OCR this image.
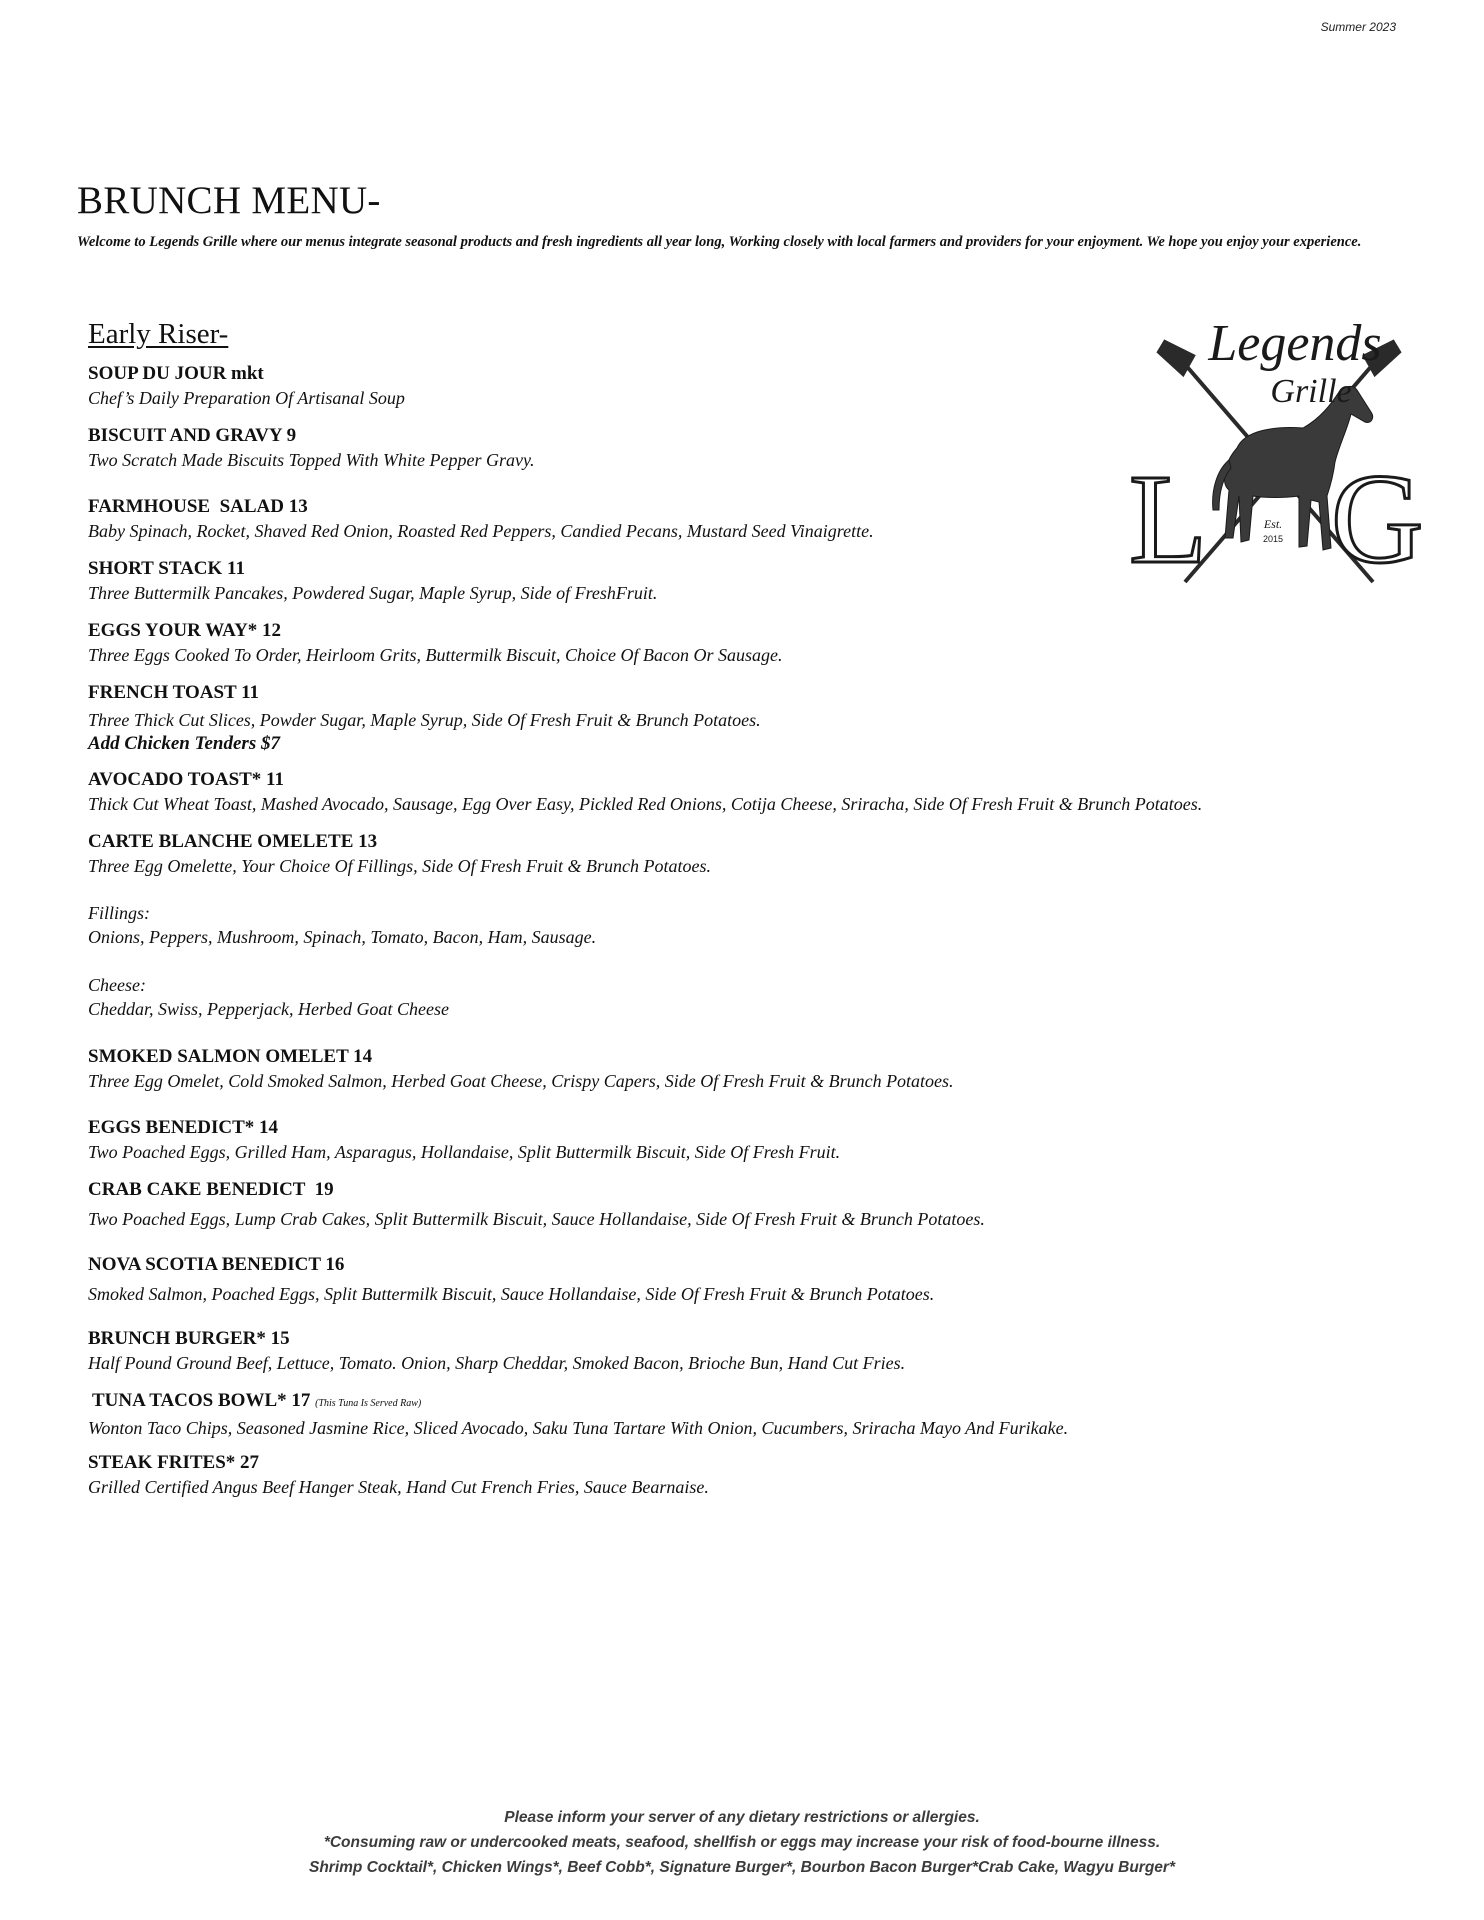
Summer 2023
BRUNCH MENU-

Welcome to Legends Grille where our menus integrate seasonal products and fresh ingredients all year long, Working closely with local farmers and providers for your enjoyment. We hope you enjoy your experience.

Early Riser-	Legends
Grille
L G
Est.
2015
SOUP DU JOUR mkt
Chef’s Daily Preparation Of Artisanal Soup
BISCUIT AND GRAVY 9
Two Scratch Made Biscuits Topped With White Pepper Gravy.
FARMHOUSE  SALAD 13
Baby Spinach, Rocket, Shaved Red Onion, Roasted Red Peppers, Candied Pecans, Mustard Seed Vinaigrette.
SHORT STACK 11
Three Buttermilk Pancakes, Powdered Sugar, Maple Syrup, Side of FreshFruit.
EGGS YOUR WAY* 12
Three Eggs Cooked To Order, Heirloom Grits, Buttermilk Biscuit, Choice Of Bacon Or Sausage.
FRENCH TOAST 11
Three Thick Cut Slices, Powder Sugar, Maple Syrup, Side Of Fresh Fruit & Brunch Potatoes.
Add Chicken Tenders $7
AVOCADO TOAST* 11
Thick Cut Wheat Toast, Mashed Avocado, Sausage, Egg Over Easy, Pickled Red Onions, Cotija Cheese, Sriracha, Side Of Fresh Fruit & Brunch Potatoes.
CARTE BLANCHE OMELETE 13
Three Egg Omelette, Your Choice Of Fillings, Side Of Fresh Fruit & Brunch Potatoes.
Fillings:
Onions, Peppers, Mushroom, Spinach, Tomato, Bacon, Ham, Sausage.
Cheese:
Cheddar, Swiss, Pepperjack, Herbed Goat Cheese
SMOKED SALMON OMELET 14
Three Egg Omelet, Cold Smoked Salmon, Herbed Goat Cheese, Crispy Capers, Side Of Fresh Fruit & Brunch Potatoes.
EGGS BENEDICT* 14
Two Poached Eggs, Grilled Ham, Asparagus, Hollandaise, Split Buttermilk Biscuit, Side Of Fresh Fruit.
CRAB CAKE BENEDICT  19
Two Poached Eggs, Lump Crab Cakes, Split Buttermilk Biscuit, Sauce Hollandaise, Side Of Fresh Fruit & Brunch Potatoes.
NOVA SCOTIA BENEDICT 16
Smoked Salmon, Poached Eggs, Split Buttermilk Biscuit, Sauce Hollandaise, Side Of Fresh Fruit & Brunch Potatoes.
BRUNCH BURGER* 15
Half Pound Ground Beef, Lettuce, Tomato. Onion, Sharp Cheddar, Smoked Bacon, Brioche Bun, Hand Cut Fries.
TUNA TACOS BOWL* 17 (This Tuna Is Served Raw)
Wonton Taco Chips, Seasoned Jasmine Rice, Sliced Avocado, Saku Tuna Tartare With Onion, Cucumbers, Sriracha Mayo And Furikake.
STEAK FRITES* 27
Grilled Certified Angus Beef Hanger Steak, Hand Cut French Fries, Sauce Bearnaise.
Please inform your server of any dietary restrictions or allergies.
*Consuming raw or undercooked meats, seafood, shellfish or eggs may increase your risk of food-bourne illness.
Shrimp Cocktail*, Chicken Wings*, Beef Cobb*, Signature Burger*, Bourbon Bacon Burger*Crab Cake, Wagyu Burger*
